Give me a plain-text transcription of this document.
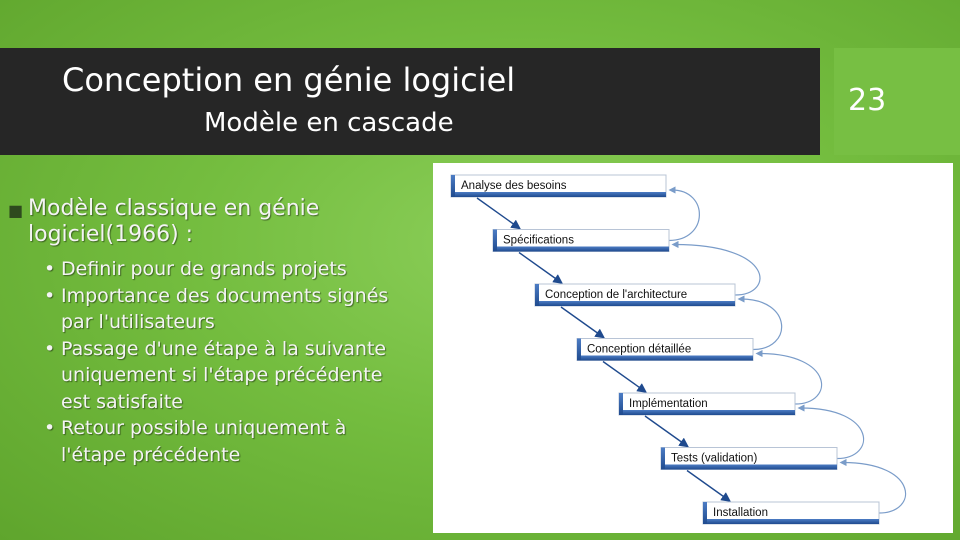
Conception en génie logiciel
Modèle en cascade
23
■ Modèle classique en génie logiciel(1966) :
• Definir pour de grands projets
• Importance des documents signés par l'utilisateurs
• Passage d'une étape à la suivante uniquement si l'étape précédente est satisfaite
• Retour possible uniquement à l'étape précédente
Analyse des besoins
Spécifications
Conception de l'architecture
Conception détaillée
Implémentation
Tests (validation)
Installation
